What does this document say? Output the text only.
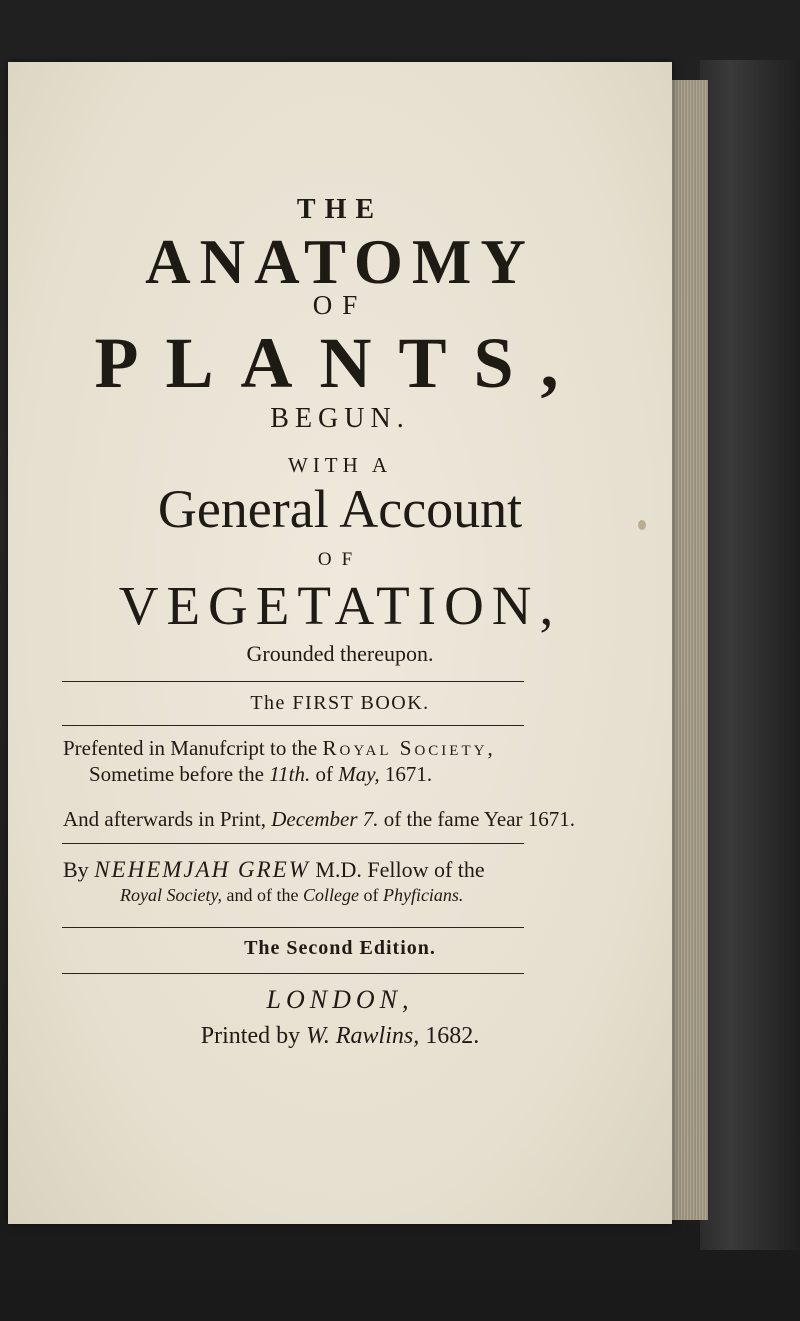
THE
ANATOMY
OF
PLANTS,
BEGUN.
WITH A
General Account
OF
VEGETATION,
Grounded thereupon.
The FIRST BOOK.
Prefented in Manufcript to the Royal Society,
Sometime before the 11th. of May, 1671.
And afterwards in Print, December 7. of the fame Year 1671.
By NEHEMJAH GREW M.D. Fellow of the
Royal Society, and of the College of Phyficians.
The Second Edition.
LONDON,
Printed by W. Rawlins, 1682.
